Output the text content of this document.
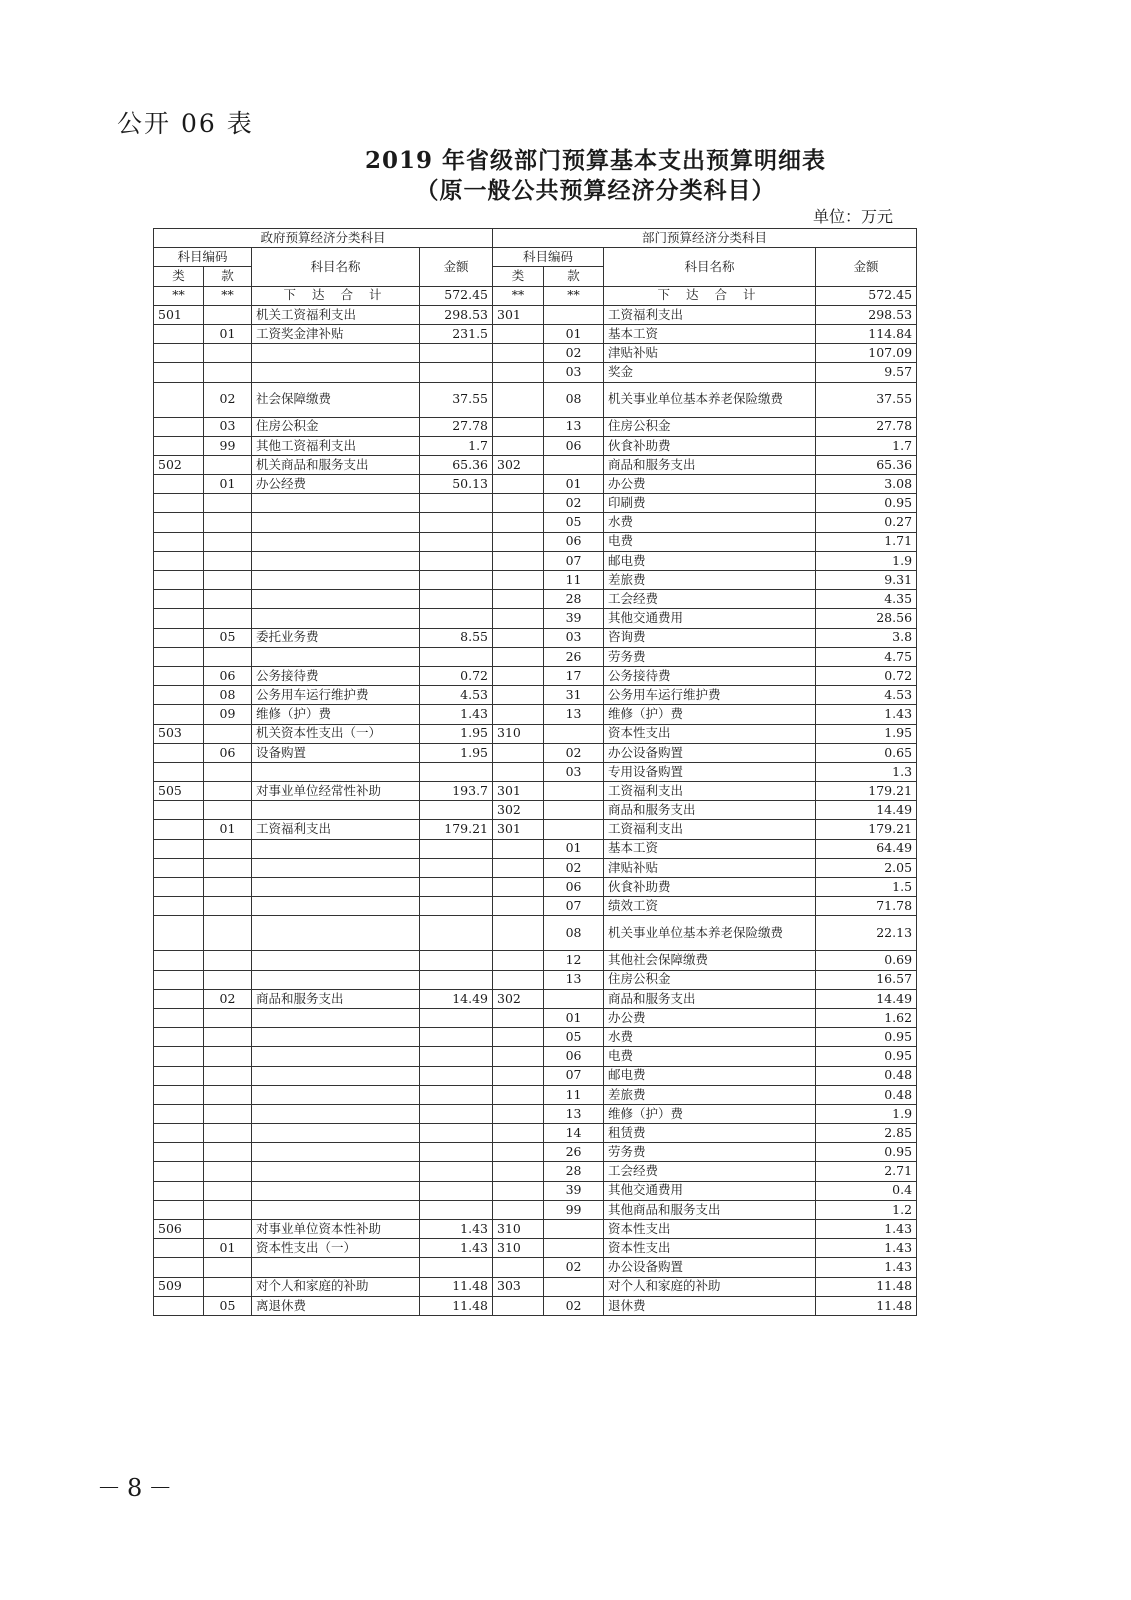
公开 06 表
2019 年省级部门预算基本支出预算明细表
（原一般公共预算经济分类科目）
单位：万元
政府预算经济分类科目				部门预算经济分类科目			
科目编码		科目名称	金额	科目编码		科目名称	金额
类	款			类	款		
**	**	下 达 合 计	572.45	**	**	下 达 合 计	572.45
501		机关工资福利支出	298.53	301		工资福利支出	298.53
	01	工资奖金津补贴	231.5		01	基本工资	114.84
					02	津贴补贴	107.09
					03	奖金	9.57
	02	社会保障缴费	37.55		08	机关事业单位基本养老保险缴费	37.55
	03	住房公积金	27.78		13	住房公积金	27.78
	99	其他工资福利支出	1.7		06	伙食补助费	1.7
502		机关商品和服务支出	65.36	302		商品和服务支出	65.36
	01	办公经费	50.13		01	办公费	3.08
					02	印刷费	0.95
					05	水费	0.27
					06	电费	1.71
					07	邮电费	1.9
					11	差旅费	9.31
					28	工会经费	4.35
					39	其他交通费用	28.56
	05	委托业务费	8.55		03	咨询费	3.8
					26	劳务费	4.75
	06	公务接待费	0.72		17	公务接待费	0.72
	08	公务用车运行维护费	4.53		31	公务用车运行维护费	4.53
	09	维修（护）费	1.43		13	维修（护）费	1.43
503		机关资本性支出（一）	1.95	310		资本性支出	1.95
	06	设备购置	1.95		02	办公设备购置	0.65
					03	专用设备购置	1.3
505		对事业单位经常性补助	193.7	301		工资福利支出	179.21
				302		商品和服务支出	14.49
	01	工资福利支出	179.21	301		工资福利支出	179.21
					01	基本工资	64.49
					02	津贴补贴	2.05
					06	伙食补助费	1.5
					07	绩效工资	71.78
					08	机关事业单位基本养老保险缴费	22.13
					12	其他社会保障缴费	0.69
					13	住房公积金	16.57
	02	商品和服务支出	14.49	302		商品和服务支出	14.49
					01	办公费	1.62
					05	水费	0.95
					06	电费	0.95
					07	邮电费	0.48
					11	差旅费	0.48
					13	维修（护）费	1.9
					14	租赁费	2.85
					26	劳务费	0.95
					28	工会经费	2.71
					39	其他交通费用	0.4
					99	其他商品和服务支出	1.2
506		对事业单位资本性补助	1.43	310		资本性支出	1.43
	01	资本性支出（一）	1.43	310		资本性支出	1.43
					02	办公设备购置	1.43
509		对个人和家庭的补助	11.48	303		对个人和家庭的补助	11.48
	05	离退休费	11.48		02	退休费	11.48
－8－
